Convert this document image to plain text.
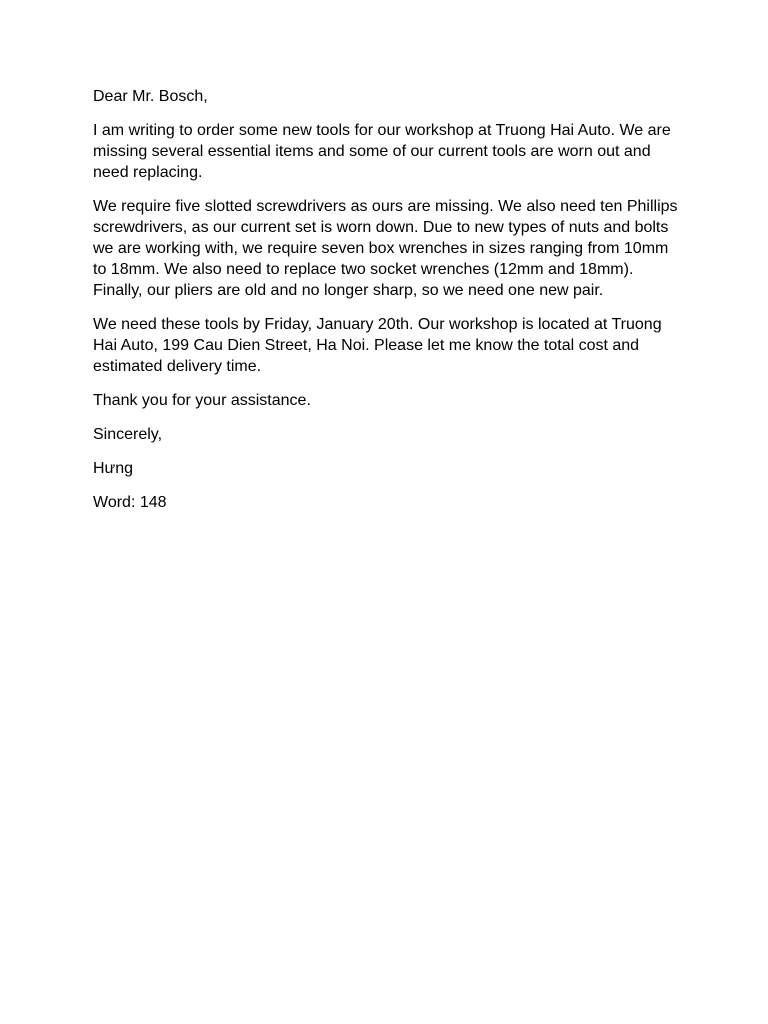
Dear Mr. Bosch,

I am writing to order some new tools for our workshop at Truong Hai Auto. We are missing several essential items and some of our current tools are worn out and need replacing.

We require five slotted screwdrivers as ours are missing. We also need ten Phillips screwdrivers, as our current set is worn down. Due to new types of nuts and bolts we are working with, we require seven box wrenches in sizes ranging from 10mm to 18mm. We also need to replace two socket wrenches (12mm and 18mm). Finally, our pliers are old and no longer sharp, so we need one new pair.

We need these tools by Friday, January 20th. Our workshop is located at Truong Hai Auto, 199 Cau Dien Street, Ha Noi. Please let me know the total cost and estimated delivery time.

Thank you for your assistance.

Sincerely,

Hưng

Word: 148
